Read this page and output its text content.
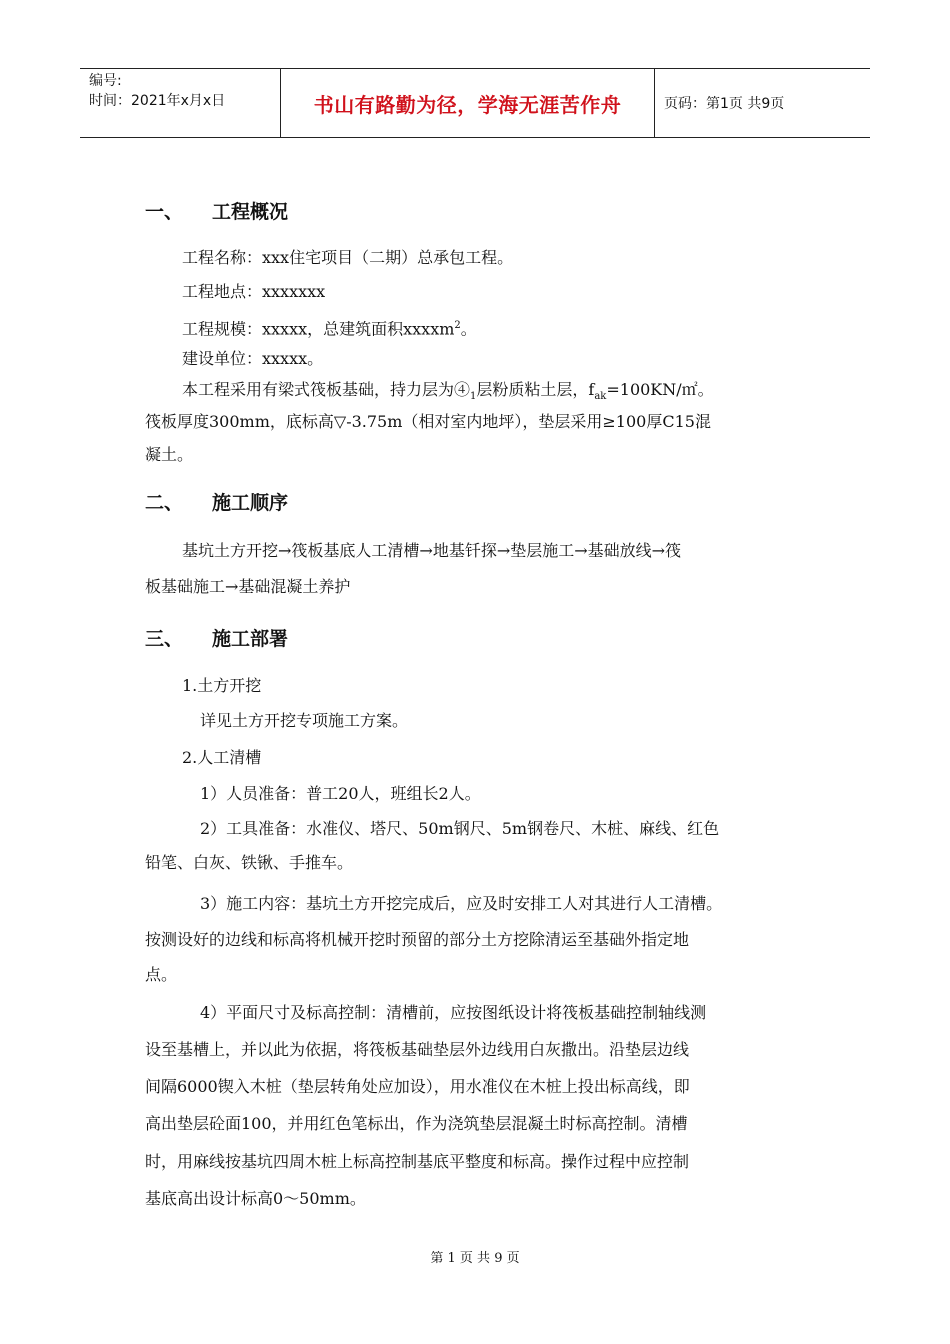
编号:
时间：2021年x月x日	书山有路勤为径，学海无涯苦作舟	页码：第1页 共9页
一、	工程概况
工程名称：xxx住宅项目（二期）总承包工程。
工程地点：xxxxxxx
工程规模：xxxxx，总建筑面积xxxxm$^2$。
建设单位：xxxxx。
本工程采用有梁式筏板基础，持力层为$④_1$层粉质粘土层，$f_{ak}=100KN/㎡$。
筏板厚度300mm，底标高▽-3.75m（相对室内地坪），垫层采用≥100厚C15混
凝土。
二、	施工顺序
基坑土方开挖→筏板基底人工清槽→地基钎探→垫层施工→基础放线→筏
板基础施工→基础混凝土养护
三、	施工部署
1.土方开挖
详见土方开挖专项施工方案。
2.人工清槽
1）人员准备：普工20人，班组长2人。
2）工具准备：水准仪、塔尺、50m钢尺、5m钢卷尺、木桩、麻线、红色
铅笔、白灰、铁锹、手推车。
3）施工内容：基坑土方开挖完成后，应及时安排工人对其进行人工清槽。
按测设好的边线和标高将机械开挖时预留的部分土方挖除清运至基础外指定地
点。
4）平面尺寸及标高控制：清槽前，应按图纸设计将筏板基础控制轴线测
设至基槽上，并以此为依据，将筏板基础垫层外边线用白灰撒出。沿垫层边线
间隔6000锲入木桩（垫层转角处应加设），用水准仪在木桩上投出标高线，即
高出垫层砼面100，并用红色笔标出，作为浇筑垫层混凝土时标高控制。清槽
时，用麻线按基坑四周木桩上标高控制基底平整度和标高。操作过程中应控制
基底高出设计标高0～50mm。
第 1 页 共 9 页
